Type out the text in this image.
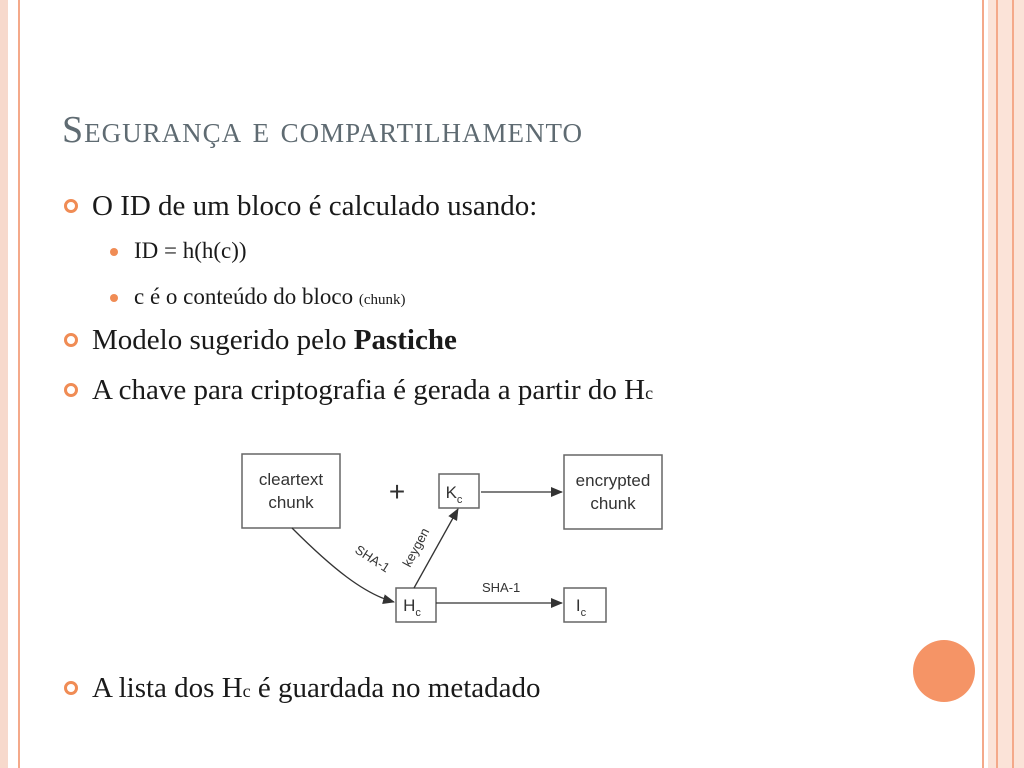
Segurança e compartilhamento
O ID de um bloco é calculado usando:
ID = h(h(c))
c é o conteúdo do bloco (chunk)
Modelo sugerido pelo Pastiche
A chave para criptografia é gerada a partir do Hc
cleartext
chunk	+ $K_c$
encrypted
chunk
$H_c$	$I_c$
SHA-1 keygen
SHA-1
A lista dos Hc é guardada no metadado
